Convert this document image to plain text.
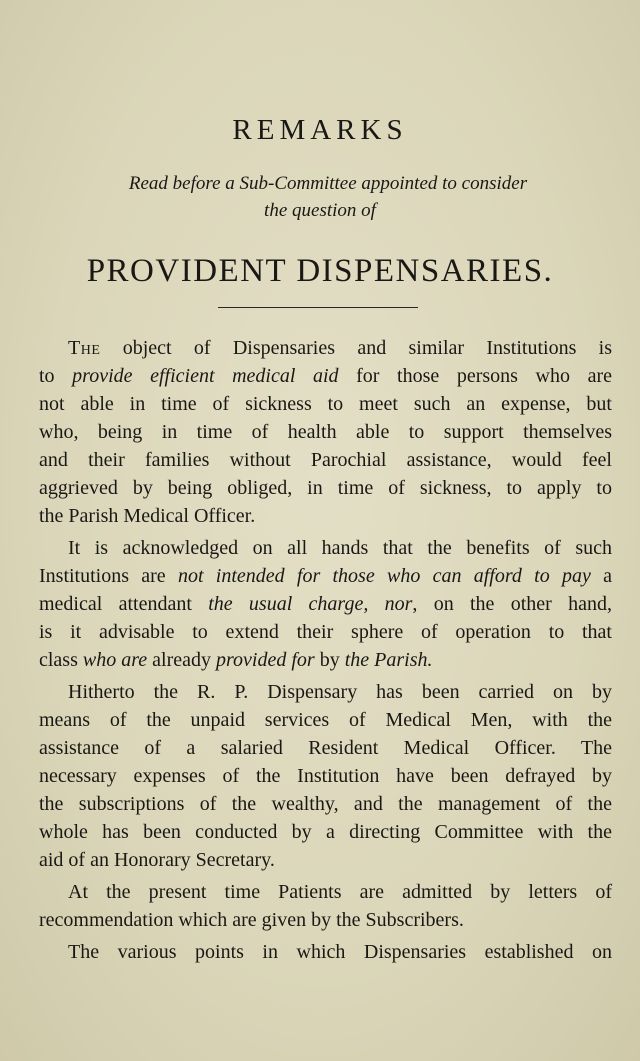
REMARKS
Read before a Sub-Committee appointed to consider
the question of
PROVIDENT DISPENSARIES.
The object of Dispensaries and similar Institutions is
to provide efficient medical aid for those persons who are
not able in time of sickness to meet such an expense, but
who, being in time of health able to support themselves
and their families without Parochial assistance, would feel
aggrieved by being obliged, in time of sickness, to apply to
the Parish Medical Officer.
It is acknowledged on all hands that the benefits of such
Institutions are not intended for those who can afford to pay a
medical attendant the usual charge, nor, on the other hand,
is it advisable to extend their sphere of operation to that
class who are already provided for by the Parish.
Hitherto the R. P. Dispensary has been carried on by
means of the unpaid services of Medical Men, with the
assistance of a salaried Resident Medical Officer. The
necessary expenses of the Institution have been defrayed by
the subscriptions of the wealthy, and the management of the
whole has been conducted by a directing Committee with the
aid of an Honorary Secretary.
At the present time Patients are admitted by letters of
recommendation which are given by the Subscribers.
The various points in which Dispensaries established on
